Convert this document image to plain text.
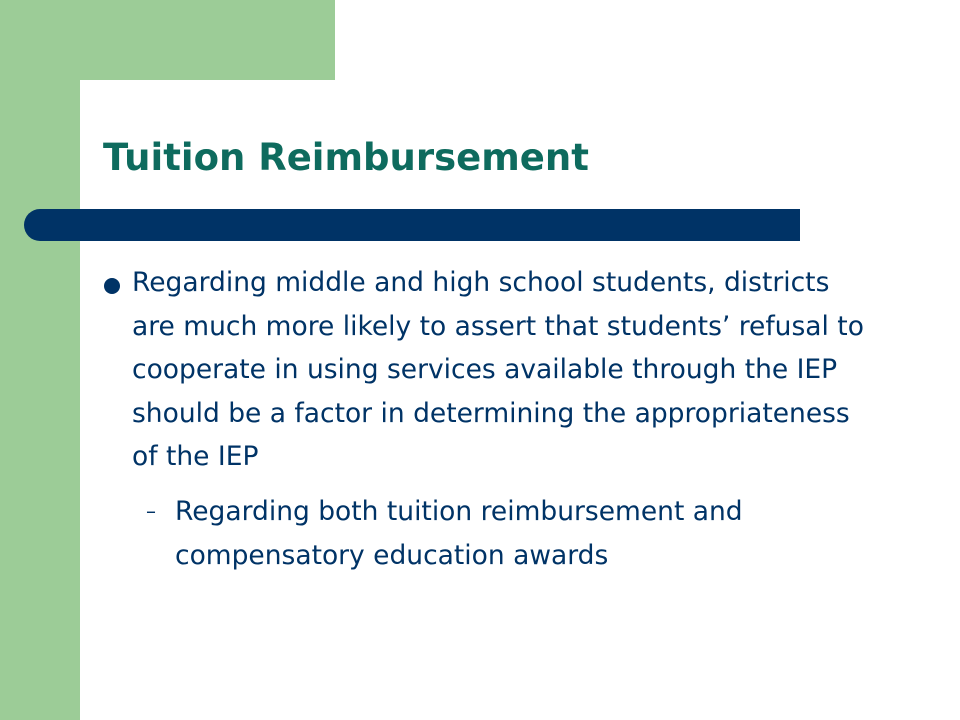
Tuition Reimbursement

Regarding middle and high school students, districts are much more likely to assert that students’ refusal to cooperate in using services available through the IEP should be a factor in determining the appropriateness of the IEP

– Regarding both tuition reimbursement and compensatory education awards
